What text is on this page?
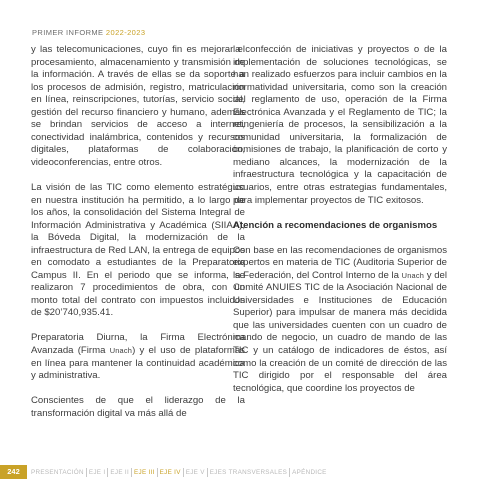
PRIMER INFORME 2022-2023

y las telecomunicaciones, cuyo fin es mejorar el procesamiento, almacenamiento y transmisión de la información. A través de ellas se da soporte a los procesos de admisión, registro, matriculación en línea, reinscripciones, tutorías, servicio social, gestión del recurso financiero y humano, además se brindan servicios de acceso a internet, conectividad inalámbrica, contenidos y recursos digitales, plataformas de colaboración, videoconferencias, entre otros.

La visión de las TIC como elemento estratégico en nuestra institución ha permitido, a lo largo de los años, la consolidación del Sistema Integral de Información Administrativa y Académica (SIIAA), la Bóveda Digital, la modernización de la infraestructura de Red LAN, la entrega de equipos en comodato a estudiantes de la Preparatoria Campus II. En el periodo que se informa, se realizaron 7 procedimientos de obra, con un monto total del contrato con impuestos incluidos de $20’740,935.41.

Preparatoria Diurna, la Firma Electrónica Avanzada (Firma Unach) y el uso de plataformas en línea para mantener la continuidad académica y administrativa.

Conscientes de que el liderazgo de la transformación digital va más allá de

la confección de iniciativas y proyectos o de la implementación de soluciones tecnológicas, se han realizado esfuerzos para incluir cambios en la normatividad universitaria, como son la creación del reglamento de uso, operación de la Firma Electrónica Avanzada y el Reglamento de TIC; la reingeniería de procesos, la sensibilización a la comunidad universitaria, la formalización de comisiones de trabajo, la planificación de corto y mediano alcances, la modernización de la infraestructura tecnológica y la capacitación de usuarios, entre otras estrategias fundamentales, para implementar proyectos de TIC exitosos.

Atención a recomendaciones de organismos

Con base en las recomendaciones de organismos expertos en materia de TIC (Auditoria Superior de la Federación, del Control Interno de la Unach y del Comité ANUIES TIC de la Asociación Nacional de Universidades e Instituciones de Educación Superior) para impulsar de manera más decidida que las universidades cuenten con un cuadro de mando de negocio, un cuadro de mando de las TIC y un catálogo de indicadores de éstos, así como la creación de un comité de dirección de las TIC dirigido por el responsable del área tecnológica, que coordine los proyectos de

242	PRESENTACIÓN EJE I EJE II EJE III EJE IV EJE V EJES TRANSVERSALES APÉNDICE
